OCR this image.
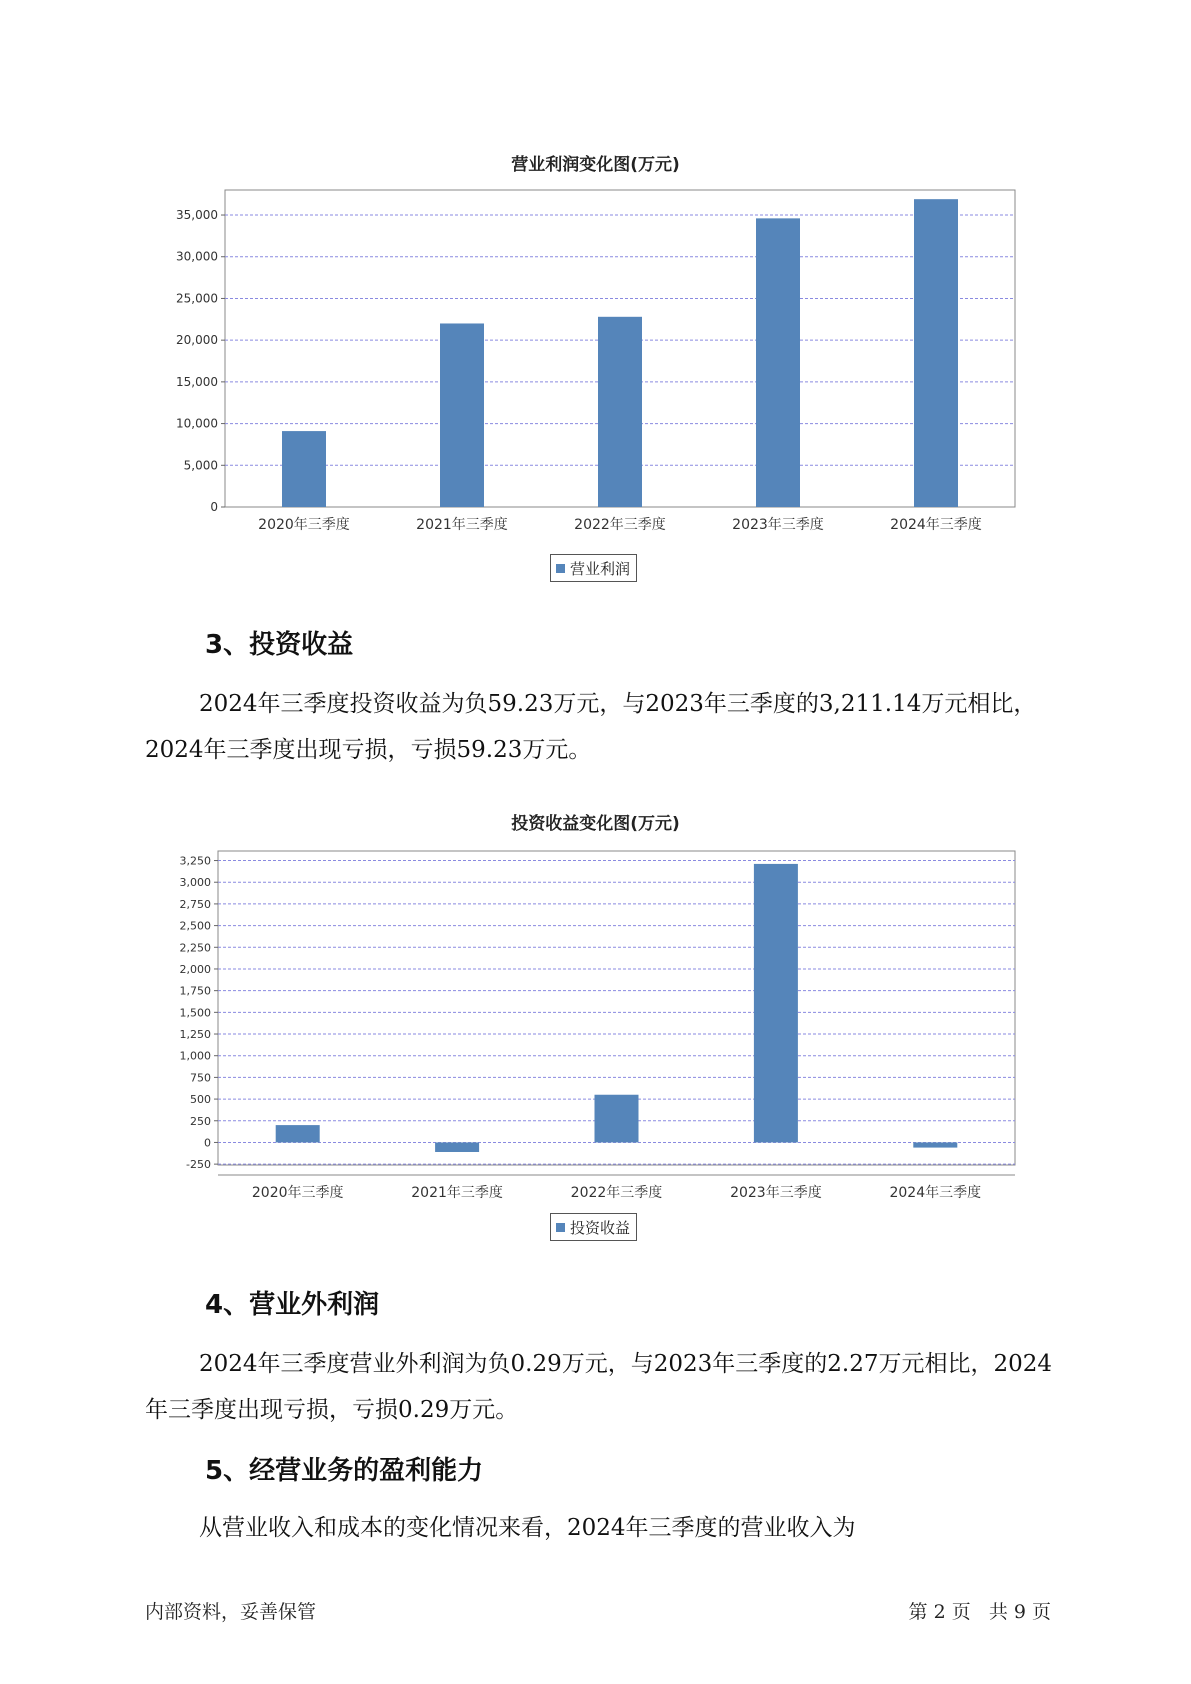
营业利润变化图(万元)
0
5,000
10,000
15,000
20,000
25,000
30,000
35,000
2020年三季度	2021年三季度	2022年三季度	2023年三季度	2024年三季度
营业利润
3、投资收益

2024年三季度投资收益为负59.23万元，与2023年三季度的3,211.14万元相比，2024年三季度出现亏损，亏损59.23万元。

投资收益变化图(万元)
-250
0
250
500
750
1,000
1,250
1,500
1,750
2,000
2,250
2,500
2,750
3,000
3,250
2020年三季度	2021年三季度	2022年三季度	2023年三季度	2024年三季度
投资收益
4、营业外利润

2024年三季度营业外利润为负0.29万元，与2023年三季度的2.27万元相比，2024年三季度出现亏损，亏损0.29万元。

5、经营业务的盈利能力

从营业收入和成本的变化情况来看，2024年三季度的营业收入为

内部资料，妥善保管	第 2 页   共 9 页
